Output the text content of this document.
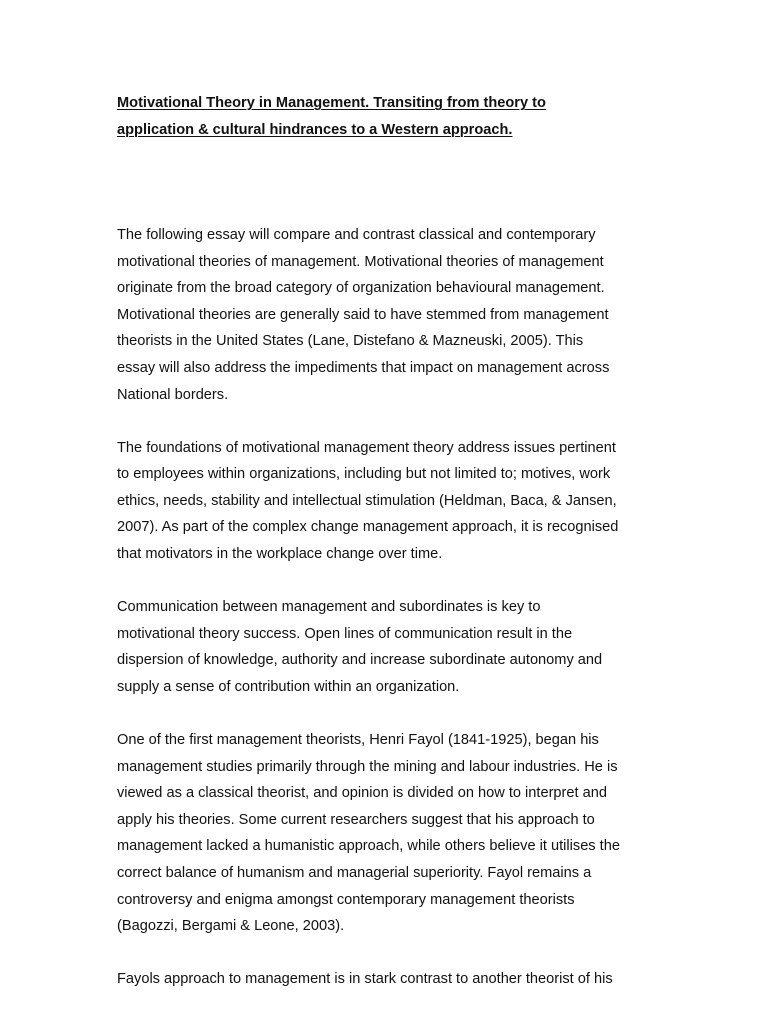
Motivational Theory in Management. Transiting from theory to
application & cultural hindrances to a Western approach.

The following essay will compare and contrast classical and contemporary
motivational theories of management. Motivational theories of management
originate from the broad category of organization behavioural management.
Motivational theories are generally said to have stemmed from management
theorists in the United States (Lane, Distefano & Mazneuski, 2005). This
essay will also address the impediments that impact on management across
National borders.

The foundations of motivational management theory address issues pertinent
to employees within organizations, including but not limited to; motives, work
ethics, needs, stability and intellectual stimulation (Heldman, Baca, & Jansen,
2007). As part of the complex change management approach, it is recognised
that motivators in the workplace change over time.

Communication between management and subordinates is key to
motivational theory success. Open lines of communication result in the
dispersion of knowledge, authority and increase subordinate autonomy and
supply a sense of contribution within an organization.

One of the first management theorists, Henri Fayol (1841-1925), began his
management studies primarily through the mining and labour industries. He is
viewed as a classical theorist, and opinion is divided on how to interpret and
apply his theories. Some current researchers suggest that his approach to
management lacked a humanistic approach, while others believe it utilises the
correct balance of humanism and managerial superiority. Fayol remains a
controversy and enigma amongst contemporary management theorists
(Bagozzi, Bergami & Leone, 2003).

Fayols approach to management is in stark contrast to another theorist of his
